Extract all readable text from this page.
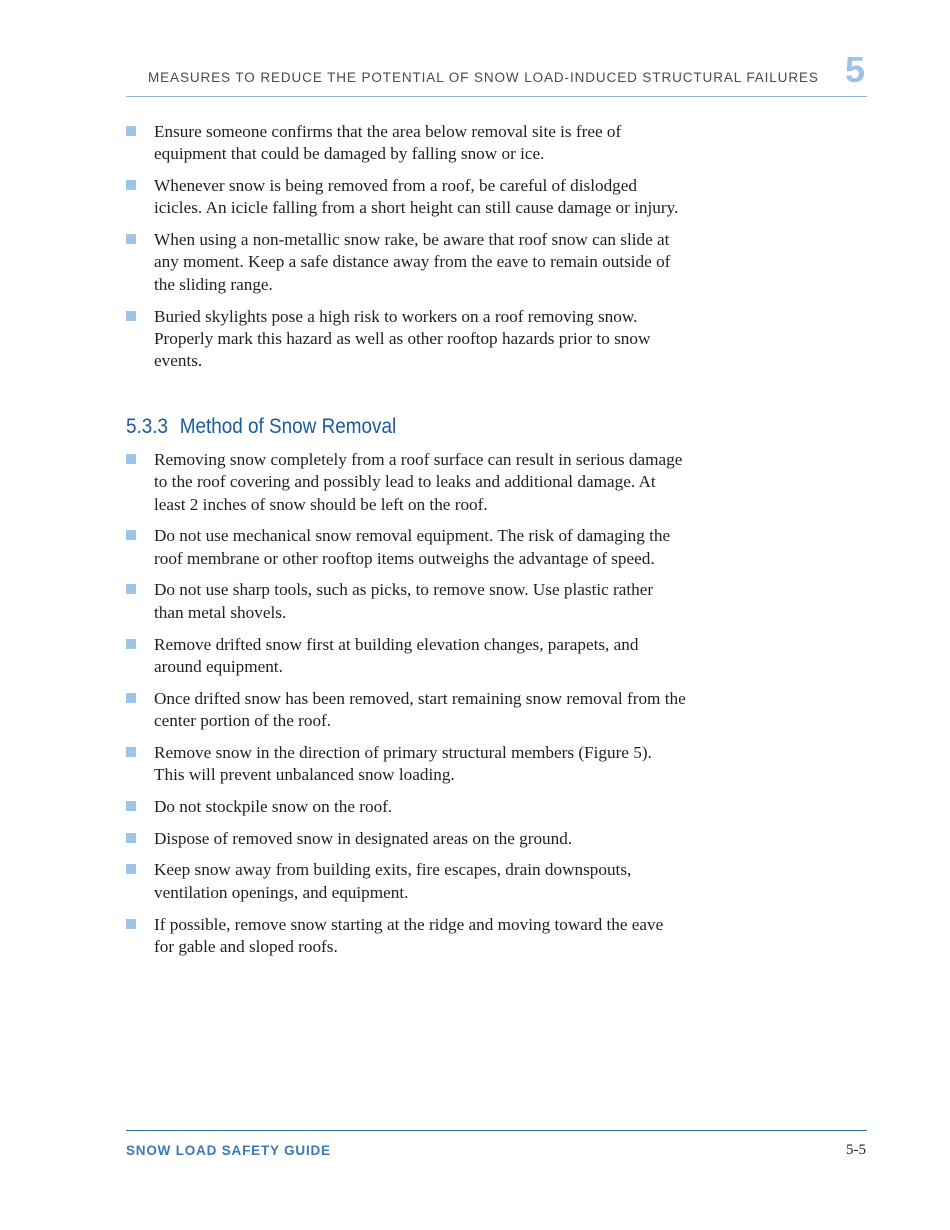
MEASURES TO REDUCE THE POTENTIAL OF SNOW LOAD-INDUCED STRUCTURAL FAILURES 5
Ensure someone confirms that the area below removal site is free of equipment that could be damaged by falling snow or ice.
Whenever snow is being removed from a roof, be careful of dislodged icicles. An icicle falling from a short height can still cause damage or injury.
When using a non-metallic snow rake, be aware that roof snow can slide at any moment. Keep a safe distance away from the eave to remain outside of the sliding range.
Buried skylights pose a high risk to workers on a roof removing snow. Properly mark this hazard as well as other rooftop hazards prior to snow events.
5.3.3 Method of Snow Removal
Removing snow completely from a roof surface can result in serious damage to the roof covering and possibly lead to leaks and additional damage. At least 2 inches of snow should be left on the roof.
Do not use mechanical snow removal equipment. The risk of damaging the roof membrane or other rooftop items outweighs the advantage of speed.
Do not use sharp tools, such as picks, to remove snow. Use plastic rather than metal shovels.
Remove drifted snow first at building elevation changes, parapets, and around equipment.
Once drifted snow has been removed, start remaining snow removal from the center portion of the roof.
Remove snow in the direction of primary structural members (Figure 5). This will prevent unbalanced snow loading.
Do not stockpile snow on the roof.
Dispose of removed snow in designated areas on the ground.
Keep snow away from building exits, fire escapes, drain downspouts, ventilation openings, and equipment.
If possible, remove snow starting at the ridge and moving toward the eave for gable and sloped roofs.
SNOW LOAD SAFETY GUIDE	5-5
